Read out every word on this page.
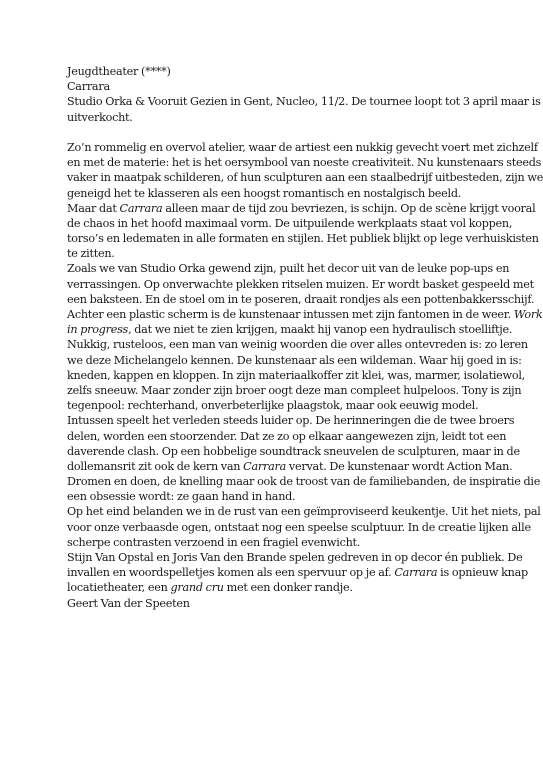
Jeugdtheater (****)
Carrara
Studio Orka & Vooruit Gezien in Gent, Nucleo, 11/2. De tournee loopt tot 3 april maar is
uitverkocht.
Zo’n rommelig en overvol atelier, waar de artiest een nukkig gevecht voert met zichzelf
en met de materie: het is het oersymbool van noeste creativiteit. Nu kunstenaars steeds
vaker in maatpak schilderen, of hun sculpturen aan een staalbedrijf uitbesteden, zijn we
geneigd het te klasseren als een hoogst romantisch en nostalgisch beeld.
Maar dat Carrara alleen maar de tijd zou bevriezen, is schijn. Op de scène krijgt vooral
de chaos in het hoofd maximaal vorm. De uitpuilende werkplaats staat vol koppen,
torso’s en ledematen in alle formaten en stijlen. Het publiek blijkt op lege verhuiskisten
te zitten.
Zoals we van Studio Orka gewend zijn, puilt het decor uit van de leuke pop-ups en
verrassingen. Op onverwachte plekken ritselen muizen. Er wordt basket gespeeld met
een baksteen. En de stoel om in te poseren, draait rondjes als een pottenbakkersschijf.
Achter een plastic scherm is de kunstenaar intussen met zijn fantomen in de weer. Work
in progress, dat we niet te zien krijgen, maakt hij vanop een hydraulisch stoelliftje.
Nukkig, rusteloos, een man van weinig woorden die over alles ontevreden is: zo leren
we deze Michelangelo kennen. De kunstenaar als een wildeman. Waar hij goed in is:
kneden, kappen en kloppen. In zijn materiaalkoffer zit klei, was, marmer, isolatiewol,
zelfs sneeuw. Maar zonder zijn broer oogt deze man compleet hulpeloos. Tony is zijn
tegenpool: rechterhand, onverbeterlijke plaagstok, maar ook eeuwig model.
Intussen speelt het verleden steeds luider op. De herinneringen die de twee broers
delen, worden een stoorzender. Dat ze zo op elkaar aangewezen zijn, leidt tot een
daverende clash. Op een hobbelige soundtrack sneuvelen de sculpturen, maar in de
dollemansrit zit ook de kern van Carrara vervat. De kunstenaar wordt Action Man.
Dromen en doen, de knelling maar ook de troost van de familiebanden, de inspiratie die
een obsessie wordt: ze gaan hand in hand.
Op het eind belanden we in de rust van een geïmproviseerd keukentje. Uit het niets, pal
voor onze verbaasde ogen, ontstaat nog een speelse sculptuur. In de creatie lijken alle
scherpe contrasten verzoend in een fragiel evenwicht.
Stijn Van Opstal en Joris Van den Brande spelen gedreven in op decor én publiek. De
invallen en woordspelletjes komen als een spervuur op je af. Carrara is opnieuw knap
locatietheater, een grand cru met een donker randje.
Geert Van der Speeten
